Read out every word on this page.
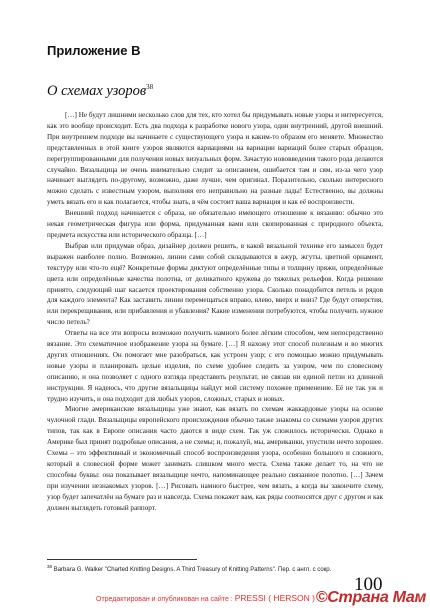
Приложение В
О схемах узоров$^{38}$

[…] Не будут лишними несколько слов для тех, кто хотел бы придумывать новые узоры и интересуется, как это вообще происходит. Есть два подхода к разработке нового узора, один внутренний, другой внешний. При внутреннем подходе вы начинаете с существующего узора и каким-то образом его меняете. Множество представленных в этой книге узоров являются вариациями на вариации вариаций более старых образцов, перегруппированными для получения новых визуальных форм. Зачастую нововведения такого рода делаются случайно. Вязальщица не очень внимательно следит за описанием, ошибается там и сям, из-за чего узор начинает выглядеть по-другому, возможно, даже лучше, чем оригинал. Поразительно, сколько интересного можно сделать с известным узором, выполняя его неправильно на разные лады! Естественно, вы должны уметь вязать его и как полагается, чтобы знать, в чём состоит ваша вариация и как её воспроизвести.

Внешний подход начинается с образа, не обязательно имеющего отношение к вязанию: обычно это некая геометрическая фигура или форма, придуманная вами или скопированная с природного объекта, предмета искусства или исторического образца. […]

Выбрав или придумав образ, дизайнер должен решить, в какой вязальной технике его замысел будет выражен наиболее полно. Возможно, линии сами собой складываются в ажур, жгуты, цветной орнамент, текстуру или что-то ещё? Конкретные формы диктуют определённые типы и толщину пряжи, определённые цвета или определённые качества полотна, от деликатного кружева до тяжелых рельефов. Когда решение принято, следующий шаг касается проектирования собственно узора. Сколько понадобится петель и рядов для каждого элемента? Как заставить линии перемещаться вправо, влево, вверх и вниз? Где будут отверстия, или перекрещивания, или прибавления и убавления? Какие изменения потребуются, чтобы получить нужное число петель?

Ответы на все эти вопросы возможно получить намного более лёгким способом, чем непосредственно вязание. Это схематичное изображение узора на бумаге. […] Я нахожу этот способ полезным и во многих других отношениях. Он помогает мне разобраться, как устроен узор; с его помощью можно придумывать новые узоры и планировать целые изделия, по схеме удобнее следить за узором, чем по словесному описанию, и она позволяет с одного взгляда представить результат, не связав ни единой петли из длинной инструкции. Я надеюсь, что другие вязальщицы найдут мой систему похожее применение. Её не так уж и трудно изучить, и она подходит для любых узоров, сложных, старых и новых.

Многие американские вязальщицы уже знают, как вязать по схемам жаккардовые узоры на основе чулочной глади. Вязальщицы европейского происхождения обычно также знакомы со схемами узоров других типов, так как в Европе описания часто даются в виде схем. Так уж сложилось исторически. Однако в Америке был принят подробные описания, а не схемы; и, пожалуй, мы, американки, упустили нечто хорошее. Схемы – это эффективный и экономичный способ воспроизведения узора, особенно большого и сложного, который в словесной форме может занимать слишком много места. Схема также делает то, на что не способны буквы: она показывает вязальщице нечто, напоминающее реально связанное полотно. […] Зачем при изучении незнакомых узоров. […] Рисовать намного быстрее, чем вязать, а когда вы закончите схему, узор будет запечатлён на бумаге раз и навсегда. Схема покажет вам, как ряды соотносятся друг с другом и как должен выглядеть готовый раппорт.

$^{38}$ Barbara G. Walker "Charted Knitting Designs. A Third Treasury of Knitting Patterns". Пер. с англ. с сокр.
100
Отредактирован и опубликован на сайте : PRESSI ( HERSON ) ©Страна Мам
